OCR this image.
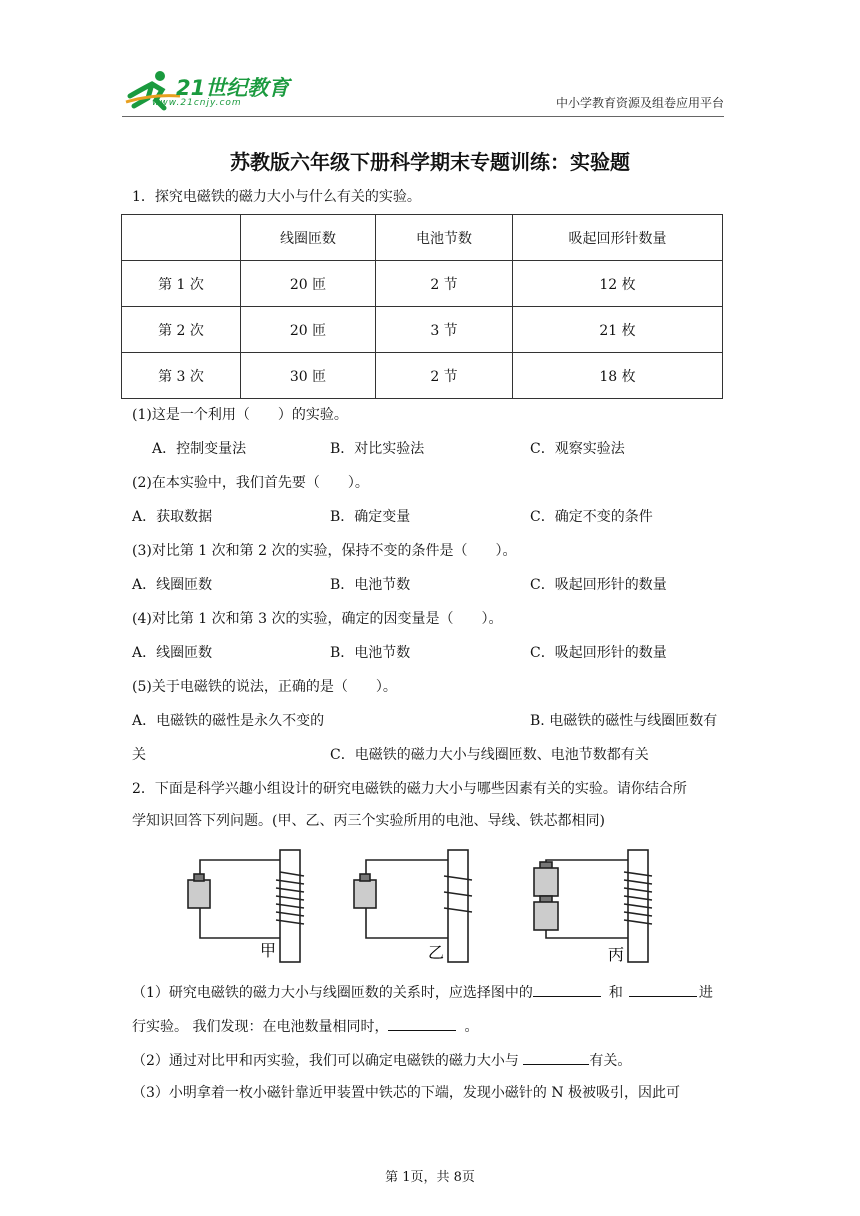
21世纪教育
www.21cnjy.com	中小学教育资源及组卷应用平台
苏教版六年级下册科学期末专题训练：实验题
1．探究电磁铁的磁力大小与什么有关的实验。
	线圈匝数	电池节数	吸起回形针数量
第 1 次	20 匝	2 节	12 枚
第 2 次	20 匝	3 节	21 枚
第 3 次	30 匝	2 节	18 枚
(1)这是一个利用（　　）的实验。
A．控制变量法	B．对比实验法	C．观察实验法
(2)在本实验中，我们首先要（　　）。
A．获取数据	B．确定变量	C．确定不变的条件
(3)对比第 1 次和第 2 次的实验，保持不变的条件是（　　）。
A．线圈匝数	B．电池节数	C．吸起回形针的数量
(4)对比第 1 次和第 3 次的实验，确定的因变量是（　　）。
A．线圈匝数	B．电池节数	C．吸起回形针的数量
(5)关于电磁铁的说法，正确的是（　　）。
A．电磁铁的磁性是永久不变的	B. 电磁铁的磁性与线圈匝数有
关	C．电磁铁的磁力大小与线圈匝数、电池节数都有关
2．下面是科学兴趣小组设计的研究电磁铁的磁力大小与哪些因素有关的实验。请你结合所
学知识回答下列问题。(甲、乙、丙三个实验所用的电池、导线、铁芯都相同)
甲	乙	丙
（1）研究电磁铁的磁力大小与线圈匝数的关系时，应选择图中的	和	进
行实验。 我们发现：在电池数量相同时，	。
（2）通过对比甲和丙实验，我们可以确定电磁铁的磁力大小与	有关。
（3）小明拿着一枚小磁针靠近甲装置中铁芯的下端，发现小磁针的 N 极被吸引，因此可
第 1页，共 8页
